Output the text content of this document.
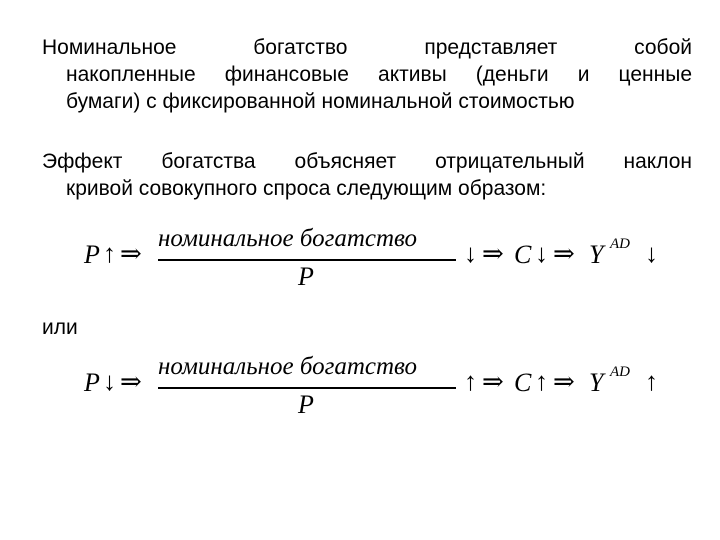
Номинальное богатство представляет собой
накопленные финансовые активы (деньги и ценные
бумаги) с фиксированной номинальной стоимостью
Эффект богатства объясняет отрицательный наклон
кривой совокупного спроса следующим образом:
P ↑ ⇒
номинальное богатство
P
↓ ⇒ C ↓ ⇒ Y AD ↓
или
P ↓ ⇒
номинальное богатство
P
↑ ⇒ C ↑ ⇒ Y AD ↑
